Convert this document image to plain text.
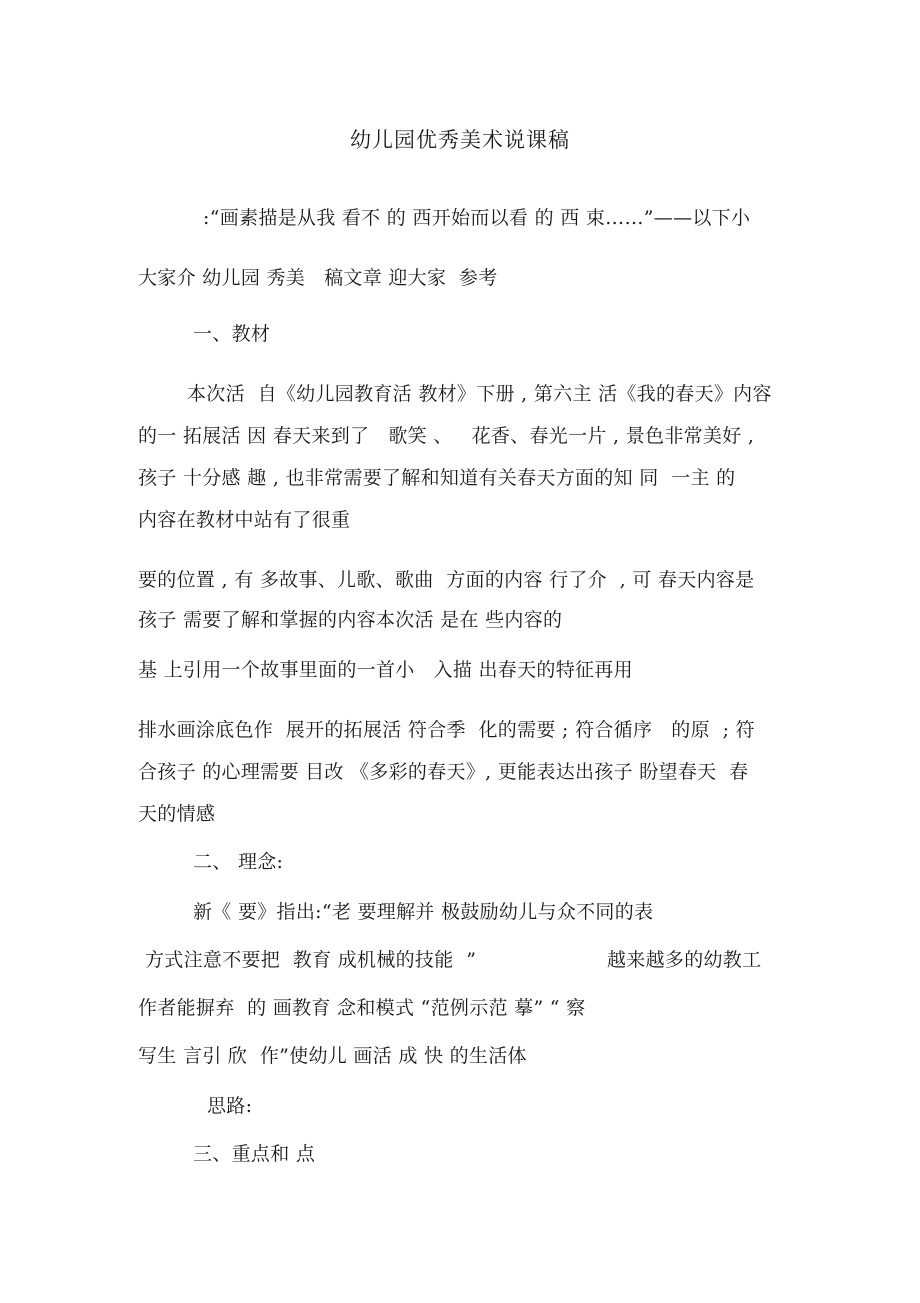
幼儿园优秀美术说课稿
:“画素描是从我 看不 的 西开始而以看 的 西 束……”——以下小
大家介 幼儿园 秀美   稿文章 迎大家  参考
一、教材
本次活  自《幼儿园教育活 教材》下册 , 第六主 活《我的春天》内容
的一 拓展活 因 春天来到了   歌笑 、   花香、春光一片 , 景色非常美好 ,
孩子 十分感 趣 , 也非常需要了解和知道有关春天方面的知 同  一主 的
内容在教材中站有了很重
要的位置 , 有 多故事、儿歌、歌曲  方面的内容 行了介  , 可 春天内容是
孩子 需要了解和掌握的内容本次活 是在 些内容的
基 上引用一个故事里面的一首小   入描 出春天的特征再用
排水画涂底色作  展开的拓展活 符合季  化的需要 ; 符合循序   的原  ; 符
合孩子 的心理需要 目改 《多彩的春天》, 更能表达出孩子 盼望春天  春
天的情感
二、 理念:
新《 要》指出:“老 要理解并 极鼓励幼儿与众不同的表
方式注意不要把  教育 成机械的技能  ”	越来越多的幼教工
作者能摒弃  的 画教育 念和模式 “范例示范 摹” “ 察
写生 言引 欣  作”使幼儿 画活 成 快 的生活体
思路:
三、重点和 点
